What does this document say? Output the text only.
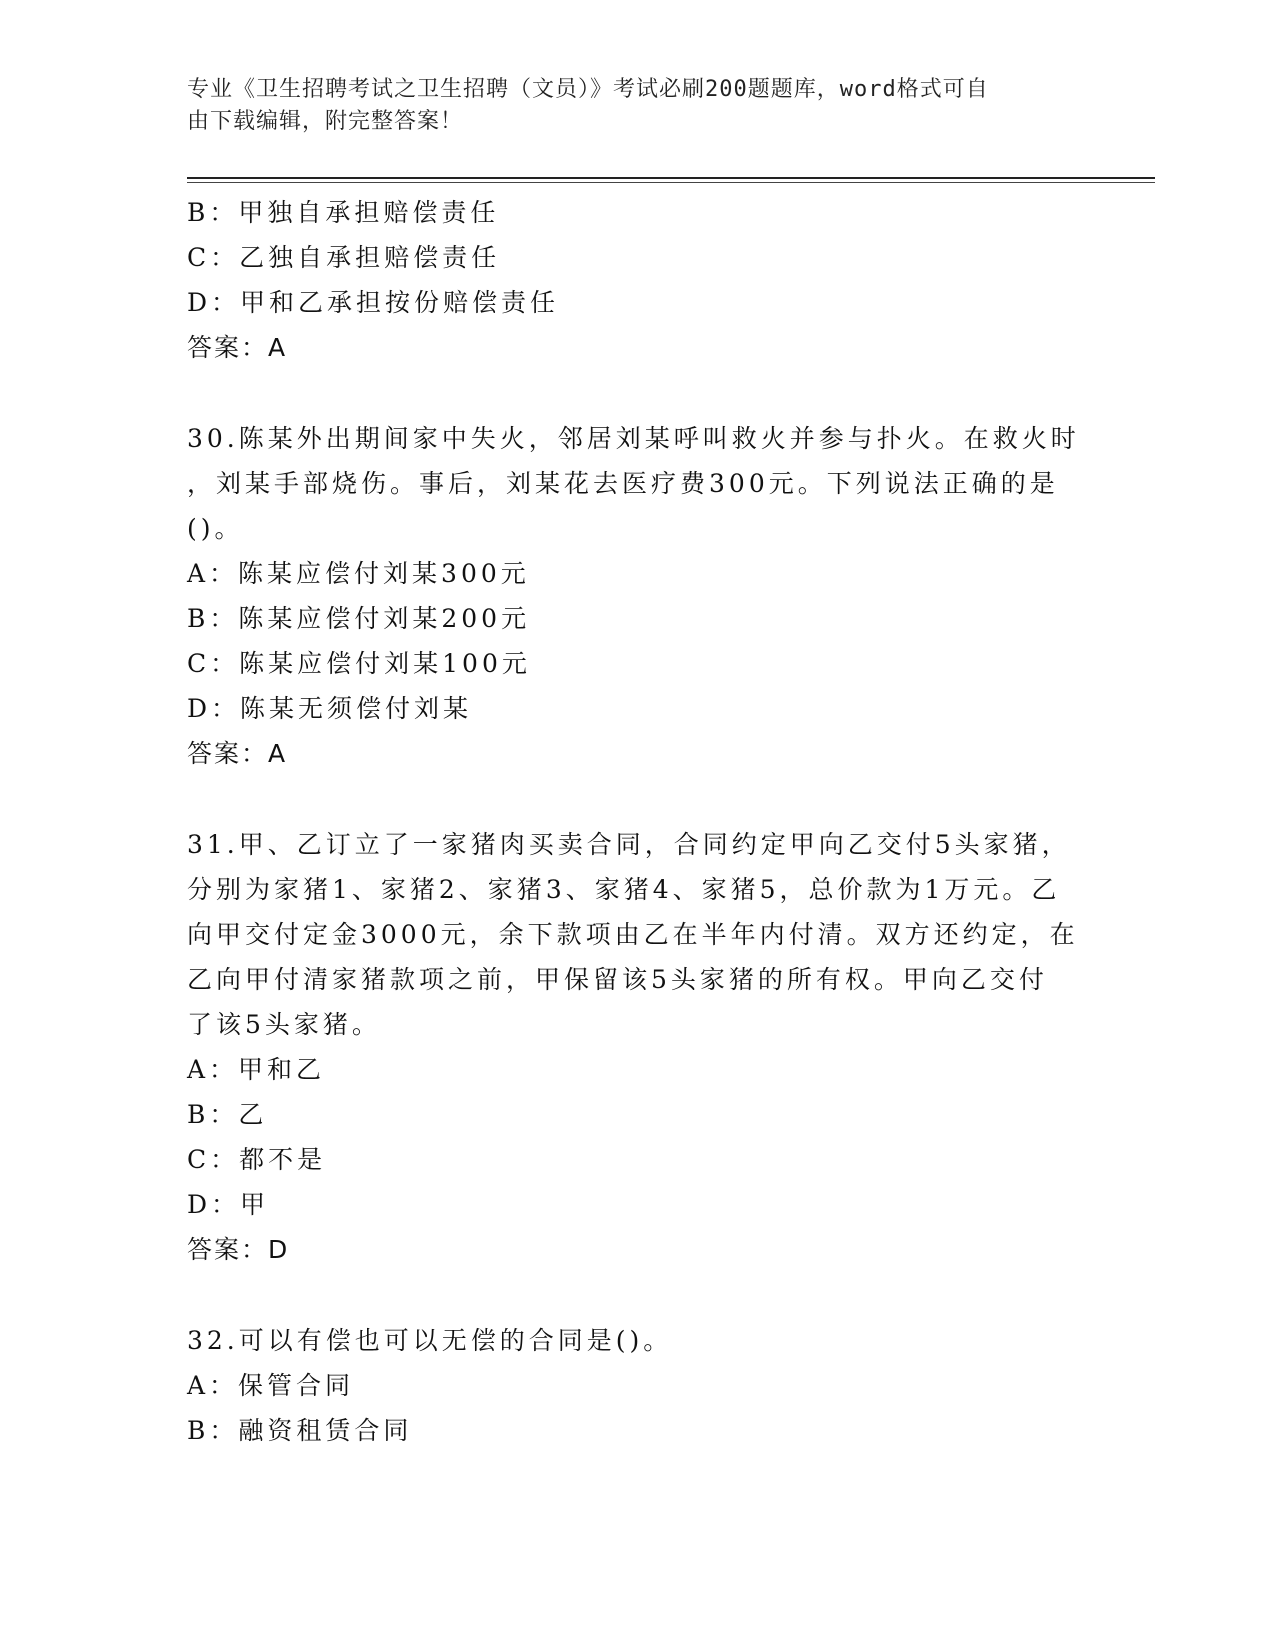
专业《卫生招聘考试之卫生招聘（文员）》考试必刷200题题库，word格式可自
由下载编辑，附完整答案！
B：甲独自承担赔偿责任
C：乙独自承担赔偿责任
D：甲和乙承担按份赔偿责任
答案：A
30.陈某外出期间家中失火，邻居刘某呼叫救火并参与扑火。在救火时
，刘某手部烧伤。事后，刘某花去医疗费300元。下列说法正确的是
()。
A：陈某应偿付刘某300元
B：陈某应偿付刘某200元
C：陈某应偿付刘某100元
D：陈某无须偿付刘某
答案：A
31.甲、乙订立了一家猪肉买卖合同，合同约定甲向乙交付5头家猪，
分别为家猪1、家猪2、家猪3、家猪4、家猪5，总价款为1万元。乙
向甲交付定金3000元，余下款项由乙在半年内付清。双方还约定，在
乙向甲付清家猪款项之前，甲保留该5头家猪的所有权。甲向乙交付
了该5头家猪。
A：甲和乙
B：乙
C：都不是
D：甲
答案：D
32.可以有偿也可以无偿的合同是()。
A：保管合同
B：融资租赁合同
